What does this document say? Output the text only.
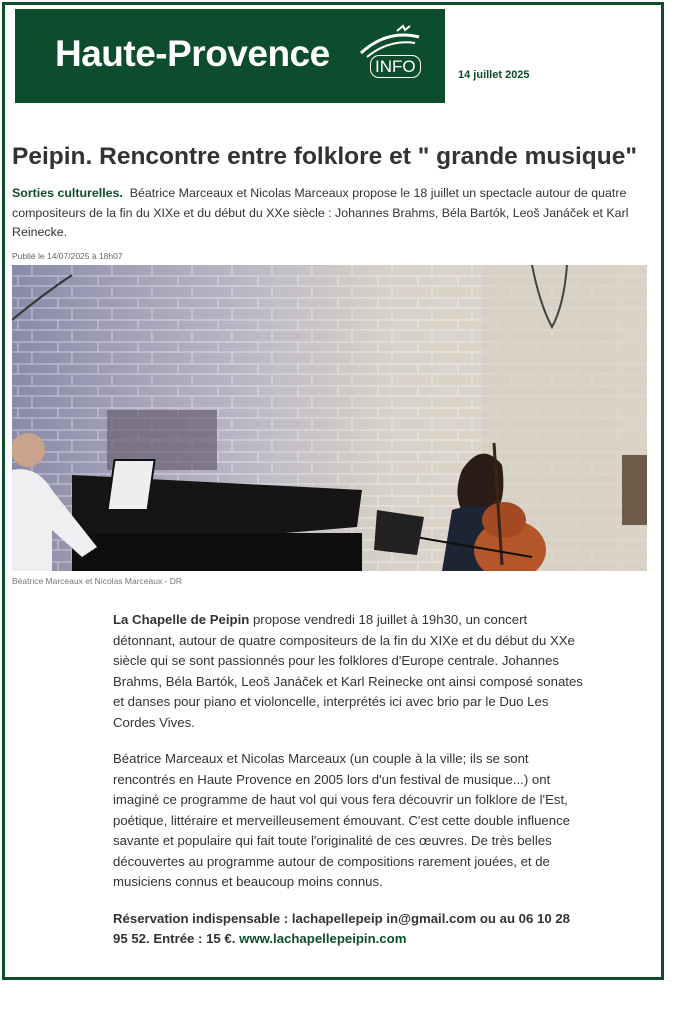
Haute-Provence	INFO	14 juillet 2025
Peipin. Rencontre entre folklore et " grande musique"
Sorties culturelles. Béatrice Marceaux et Nicolas Marceaux propose le 18 juillet un spectacle autour de quatre compositeurs de la fin du XIXe et du début du XXe siècle : Johannes Brahms, Béla Bartók, Leoš Janáček et Karl Reinecke.
Publié le 14/07/2025 à 18h07
Béatrice Marceaux et Nicolas Marceaux - DR

La Chapelle de Peipin propose vendredi 18 juillet à 19h30, un concert détonnant, autour de quatre compositeurs de la fin du XIXe et du début du XXe siècle qui se sont passionnés pour les folklores d'Europe centrale. Johannes Brahms, Béla Bartók, Leoš Janáček et Karl Reinecke ont ainsi composé sonates et danses pour piano et violoncelle, interprétés ici avec brio par le Duo Les Cordes Vives.

Béatrice Marceaux et Nicolas Marceaux (un couple à la ville; ils se sont rencontrés en Haute Provence en 2005 lors d'un festival de musique...) ont imaginé ce programme de haut vol qui vous fera découvrir un folklore de l'Est, poétique, littéraire et merveilleusement émouvant. C'est cette double influence savante et populaire qui fait toute l'originalité de ces œuvres. De très belles découvertes au programme autour de compositions rarement jouées, et de musiciens connus et beaucoup moins connus.

Réservation indispensable : lachapellepeip in@gmail.com ou au 06 10 28 95 52. Entrée : 15 €. www.lachapellepeipin.com
